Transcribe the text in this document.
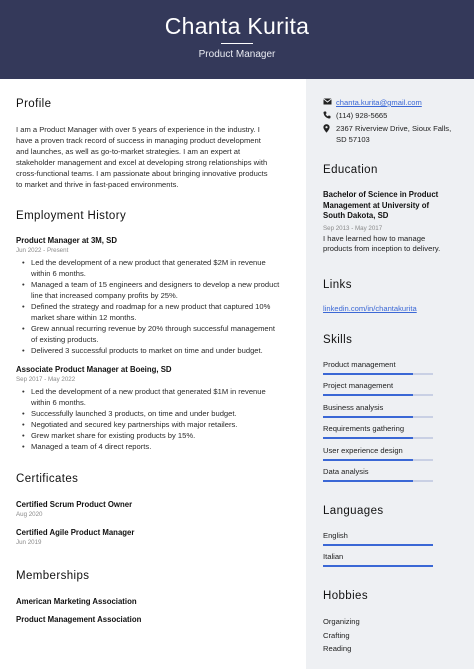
Chanta Kurita
Product Manager
Profile
I am a Product Manager with over 5 years of experience in the industry. I
have a proven track record of success in managing product development
and launches, as well as go-to-market strategies. I am an expert at
stakeholder management and excel at developing strong relationships with
cross-functional teams. I am passionate about bringing innovative products
to market and thrive in fast-paced environments.
Employment History
Product Manager at 3M, SD
Jun 2022 - Present
• Led the development of a new product that generated $2M in revenue
within 6 months.
• Managed a team of 15 engineers and designers to develop a new product
line that increased company profits by 25%.
• Defined the strategy and roadmap for a new product that captured 10%
market share within 12 months.
• Grew annual recurring revenue by 20% through successful management
of existing products.
• Delivered 3 successful products to market on time and under budget.
Associate Product Manager at Boeing, SD
Sep 2017 - May 2022
• Led the development of a new product that generated $1M in revenue
within 6 months.
• Successfully launched 3 products, on time and under budget.
• Negotiated and secured key partnerships with major retailers.
• Grew market share for existing products by 15%.
• Managed a team of 4 direct reports.
Certificates
Certified Scrum Product Owner
Aug 2020
Certified Agile Product Manager
Jun 2019
Memberships
American Marketing Association
Product Management Association
chanta.kurita@gmail.com
(114) 928-5665
2367 Riverview Drive, Sioux Falls,
SD 57103
Education
Bachelor of Science in Product
Management at University of
South Dakota, SD
Sep 2013 - May 2017
I have learned how to manage
products from inception to delivery.
Links
linkedin.com/in/chantakurita
Skills
Product management
Project management
Business analysis
Requirements gathering
User experience design
Data analysis
Languages
English
Italian
Hobbies
Organizing
Crafting
Reading
